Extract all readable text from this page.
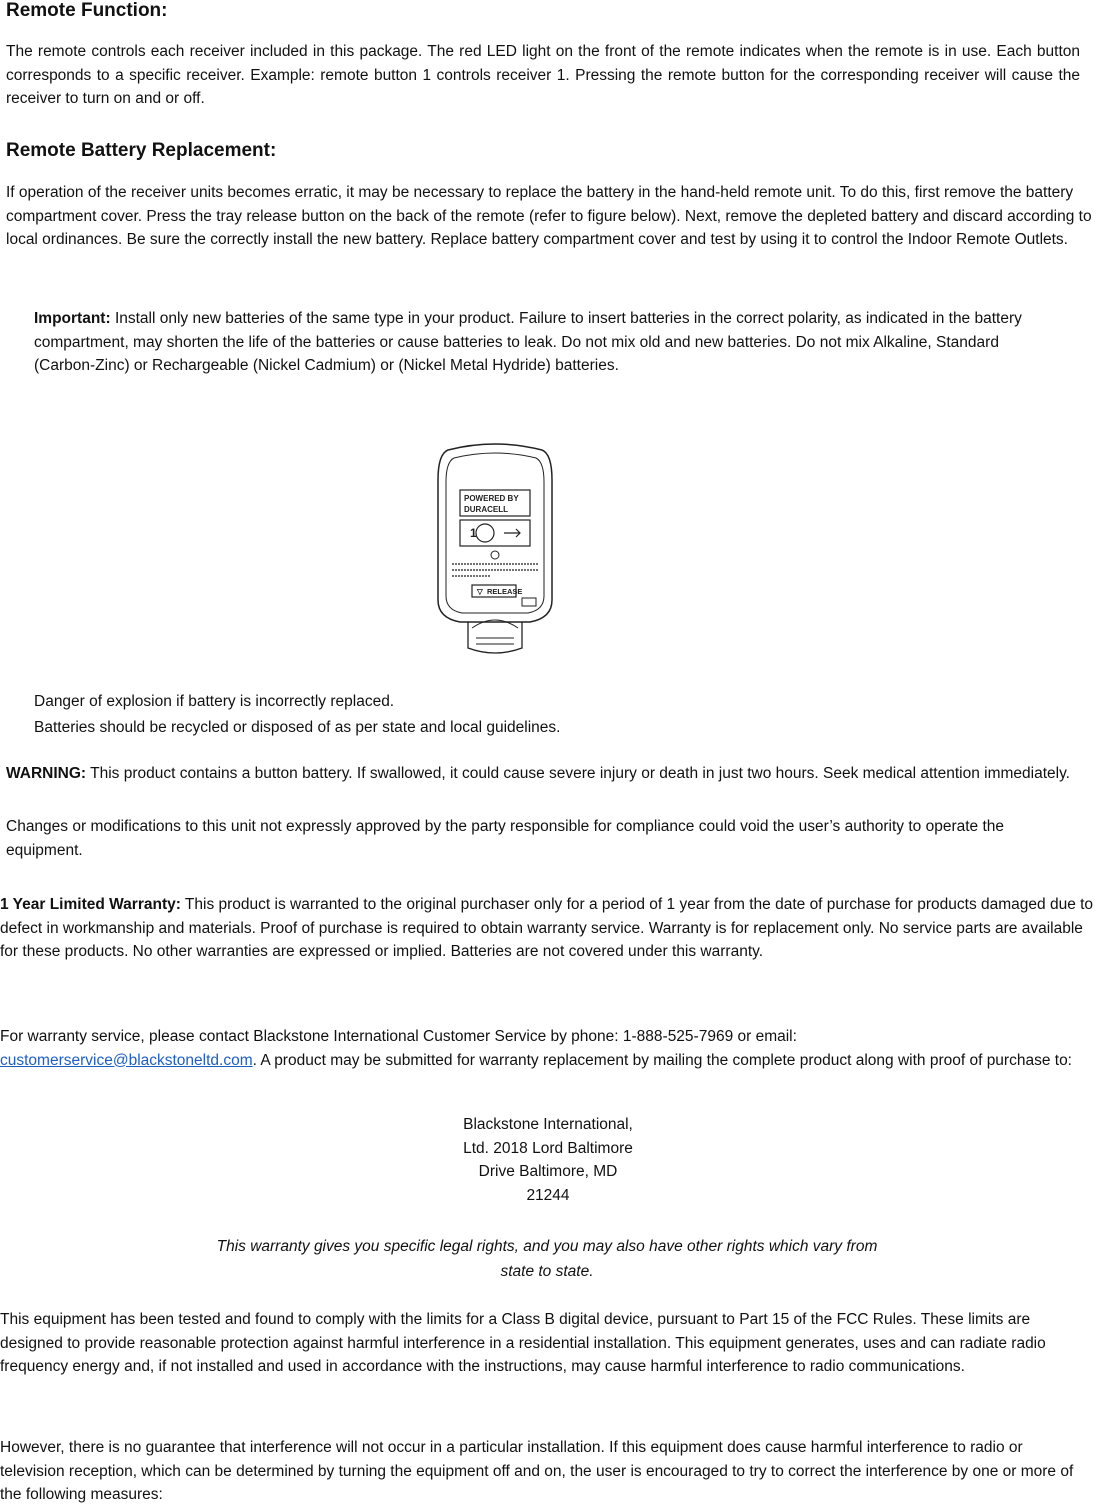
Remote Function:
The remote controls each receiver included in this package. The red LED light on the front of the remote indicates when the remote is in use. Each button corresponds to a specific receiver. Example: remote button 1 controls receiver 1. Pressing the remote button for the corresponding receiver will cause the receiver to turn on and or off.
Remote Battery Replacement:
If operation of the receiver units becomes erratic, it may be necessary to replace the battery in the hand-held remote unit. To do this, first remove the battery compartment cover. Press the tray release button on the back of the remote (refer to figure below). Next, remove the depleted battery and discard according to local ordinances. Be sure the correctly install the new battery. Replace battery compartment cover and test by using it to control the Indoor Remote Outlets.
Important: Install only new batteries of the same type in your product. Failure to insert batteries in the correct polarity, as indicated in the battery compartment, may shorten the life of the batteries or cause batteries to leak. Do not mix old and new batteries. Do not mix Alkaline, Standard (Carbon-Zinc) or Rechargeable (Nickel Cadmium) or (Nickel Metal Hydride) batteries.
POWERED BY
DURACELL
1
▽ RELEASE
Danger of explosion if battery is incorrectly replaced.
Batteries should be recycled or disposed of as per state and local guidelines.
WARNING: This product contains a button battery. If swallowed, it could cause severe injury or death in just two hours. Seek medical attention immediately.
Changes or modifications to this unit not expressly approved by the party responsible for compliance could void the user’s authority to operate the equipment.
1 Year Limited Warranty: This product is warranted to the original purchaser only for a period of 1 year from the date of purchase for products damaged due to defect in workmanship and materials. Proof of purchase is required to obtain warranty service. Warranty is for replacement only. No service parts are available for these products. No other warranties are expressed or implied. Batteries are not covered under this warranty.
For warranty service, please contact Blackstone International Customer Service by phone: 1-888-525-7969 or email:
customerservice@blackstoneltd.com. A product may be submitted for warranty replacement by mailing the complete product along with proof of purchase to:
Blackstone International,
Ltd. 2018 Lord Baltimore
Drive Baltimore, MD
21244
This warranty gives you specific legal rights, and you may also have other rights which vary from
state to state.
This equipment has been tested and found to comply with the limits for a Class B digital device, pursuant to Part 15 of the FCC Rules. These limits are designed to provide reasonable protection against harmful interference in a residential installation. This equipment generates, uses and can radiate radio frequency energy and, if not installed and used in accordance with the instructions, may cause harmful interference to radio communications.
However, there is no guarantee that interference will not occur in a particular installation. If this equipment does cause harmful interference to radio or television reception, which can be determined by turning the equipment off and on, the user is encouraged to try to correct the interference by one or more of the following measures:
